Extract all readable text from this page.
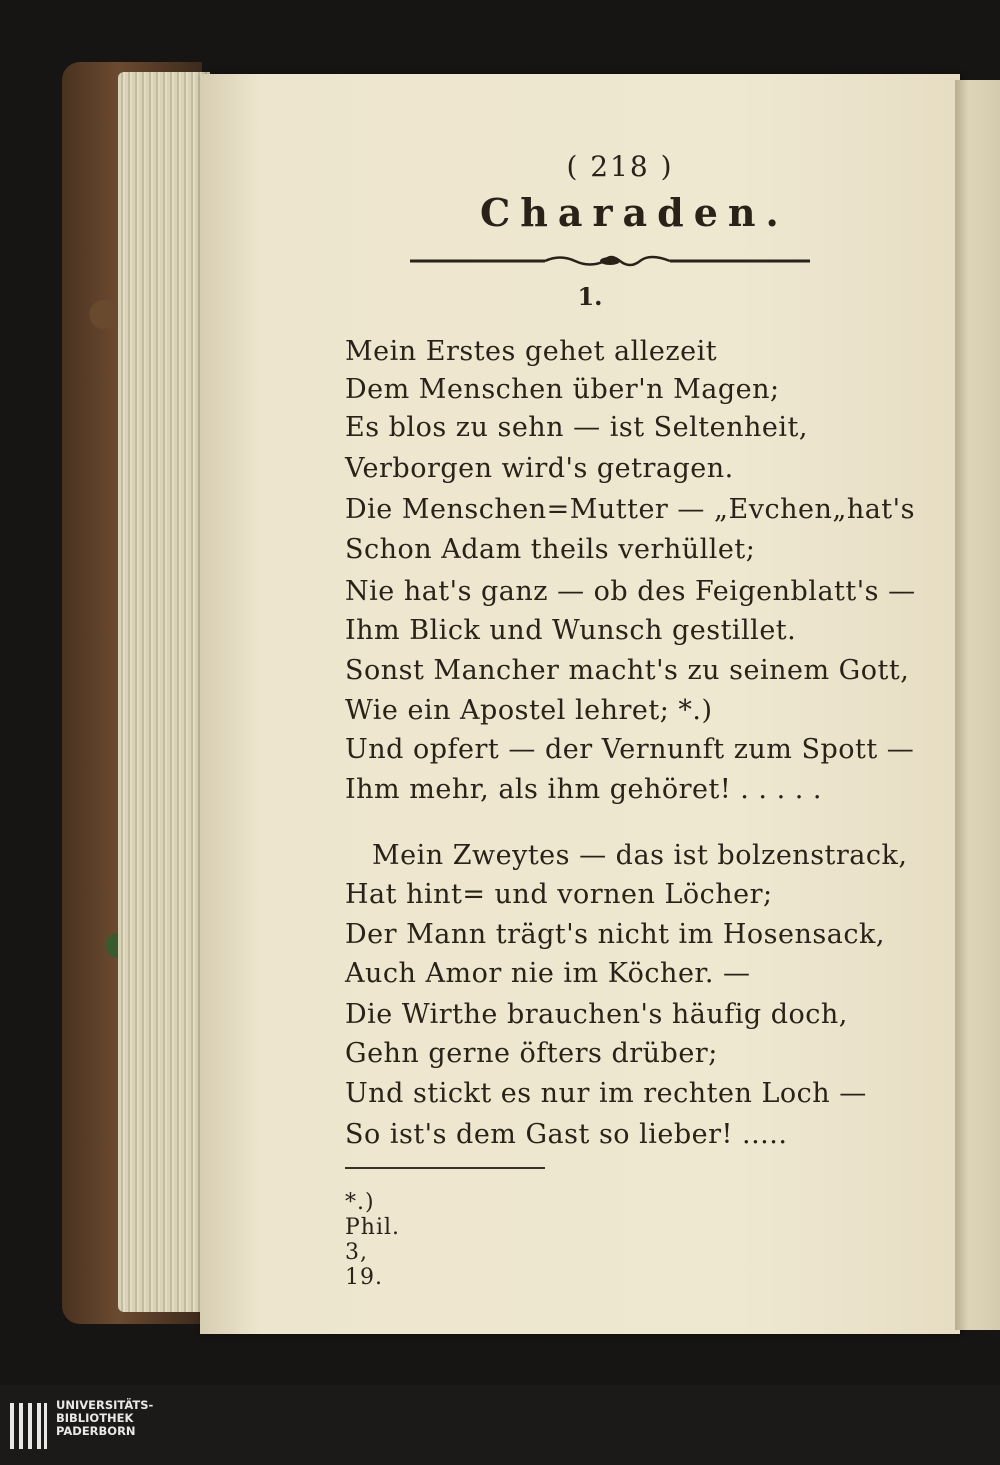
( 218 )
Charaden.
1.
Mein Erstes gehet allezeit
Dem Menschen über'n Magen;
Es blos zu sehn — ist Seltenheit,
Verborgen wird's getragen.
Die Menschen=Mutter — „Evchen„hat's
Schon Adam theils verhüllet;
Nie hat's ganz — ob des Feigenblatt's —
Ihm Blick und Wunsch gestillet.
Sonst Mancher macht's zu seinem Gott,
Wie ein Apostel lehret; *.)
Und opfert — der Vernunft zum Spott —
Ihm mehr, als ihm gehöret! . . . . .
Mein Zweytes — das ist bolzenstrack,
Hat hint= und vornen Löcher;
Der Mann trägt's nicht im Hosensack,
Auch Amor nie im Köcher. —
Die Wirthe brauchen's häufig doch,
Gehn gerne öfters drüber;
Und stickt es nur im rechten Loch —
So ist's dem Gast so lieber! .....
*.) Phil. 3, 19.
UNIVERSITÄTS-
BIBLIOTHEK
PADERBORN
